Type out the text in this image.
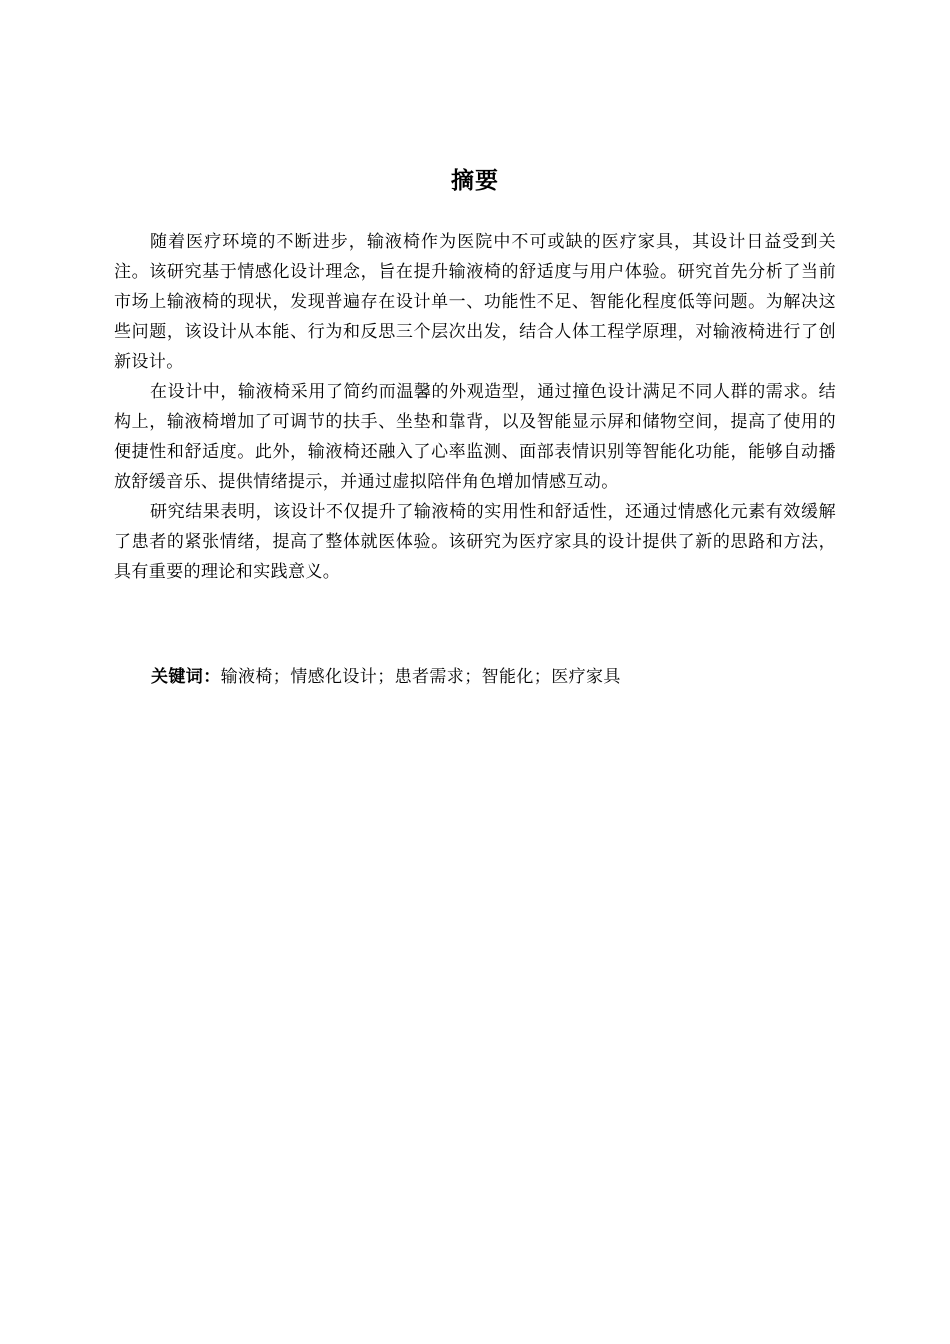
摘要

随着医疗环境的不断进步，输液椅作为医院中不可或缺的医疗家具，其设计日益受到关注。该研究基于情感化设计理念，旨在提升输液椅的舒适度与用户体验。研究首先分析了当前市场上输液椅的现状，发现普遍存在设计单一、功能性不足、智能化程度低等问题。为解决这些问题，该设计从本能、行为和反思三个层次出发，结合人体工程学原理，对输液椅进行了创新设计。

在设计中，输液椅采用了简约而温馨的外观造型，通过撞色设计满足不同人群的需求。结构上，输液椅增加了可调节的扶手、坐垫和靠背，以及智能显示屏和储物空间，提高了使用的便捷性和舒适度。此外，输液椅还融入了心率监测、面部表情识别等智能化功能，能够自动播放舒缓音乐、提供情绪提示，并通过虚拟陪伴角色增加情感互动。

研究结果表明，该设计不仅提升了输液椅的实用性和舒适性，还通过情感化元素有效缓解了患者的紧张情绪，提高了整体就医体验。该研究为医疗家具的设计提供了新的思路和方法，具有重要的理论和实践意义。

关键词：输液椅；情感化设计；患者需求；智能化；医疗家具
